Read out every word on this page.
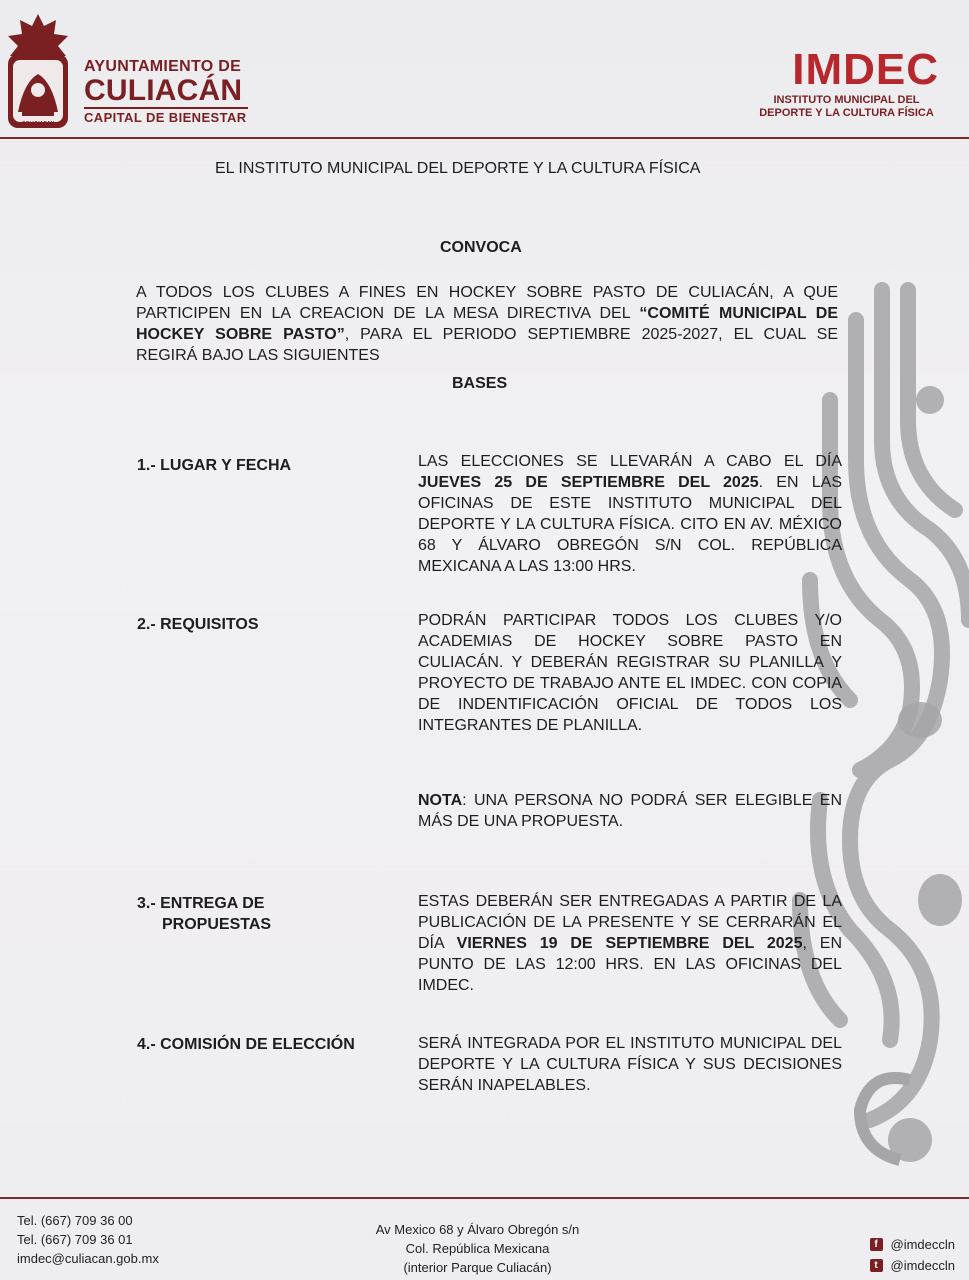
CULIACAN
COLHUACAN
AYUNTAMIENTO DE
CULIACÁN
CAPITAL DE BIENESTAR
IMDEC
INSTITUTO MUNICIPAL DEL
DEPORTE Y LA CULTURA FÍSICA
EL INSTITUTO MUNICIPAL DEL DEPORTE Y LA CULTURA FÍSICA
CONVOCA
A TODOS LOS CLUBES A FINES EN HOCKEY SOBRE PASTO DE CULIACÁN, A QUE PARTICIPEN EN LA CREACION DE LA MESA DIRECTIVA DEL “COMITÉ MUNICIPAL DE HOCKEY SOBRE PASTO”, PARA EL PERIODO SEPTIEMBRE 2025-2027, EL CUAL SE REGIRÁ BAJO LAS SIGUIENTES
BASES
1.- LUGAR Y FECHA	LAS ELECCIONES SE LLEVARÁN A CABO EL DÍA JUEVES 25 DE SEPTIEMBRE DEL 2025. EN LAS OFICINAS DE ESTE INSTITUTO MUNICIPAL DEL DEPORTE Y LA CULTURA FÍSICA. CITO EN AV. MÉXICO 68 Y ÁLVARO OBREGÓN S/N COL. REPÚBLICA MEXICANA A LAS 13:00 HRS.
2.- REQUISITOS	PODRÁN PARTICIPAR TODOS LOS CLUBES Y/O ACADEMIAS DE HOCKEY SOBRE PASTO EN CULIACÁN. Y DEBERÁN REGISTRAR SU PLANILLA Y PROYECTO DE TRABAJO ANTE EL IMDEC. CON COPIA DE INDENTIFICACIÓN OFICIAL DE TODOS LOS INTEGRANTES DE PLANILLA.
NOTA: UNA PERSONA NO PODRÁ SER ELEGIBLE EN MÁS DE UNA PROPUESTA.
3.- ENTREGA DE
PROPUESTAS
ESTAS DEBERÁN SER ENTREGADAS A PARTIR DE LA PUBLICACIÓN DE LA PRESENTE Y SE CERRARÁN EL DÍA VIERNES 19 DE SEPTIEMBRE DEL 2025, EN PUNTO DE LAS 12:00 HRS. EN LAS OFICINAS DEL IMDEC.
4.- COMISIÓN DE ELECCIÓN	SERÁ INTEGRADA POR EL INSTITUTO MUNICIPAL DEL DEPORTE Y LA CULTURA FÍSICA Y SUS DECISIONES SERÁN INAPELABLES.
Tel. (667) 709 36 00
Tel. (667) 709 36 01
imdec@culiacan.gob.mx
Av Mexico 68 y Álvaro Obregón s/n
Col. República Mexicana
(interior Parque Culiacán)
f @imdeccln
t @imdeccln
